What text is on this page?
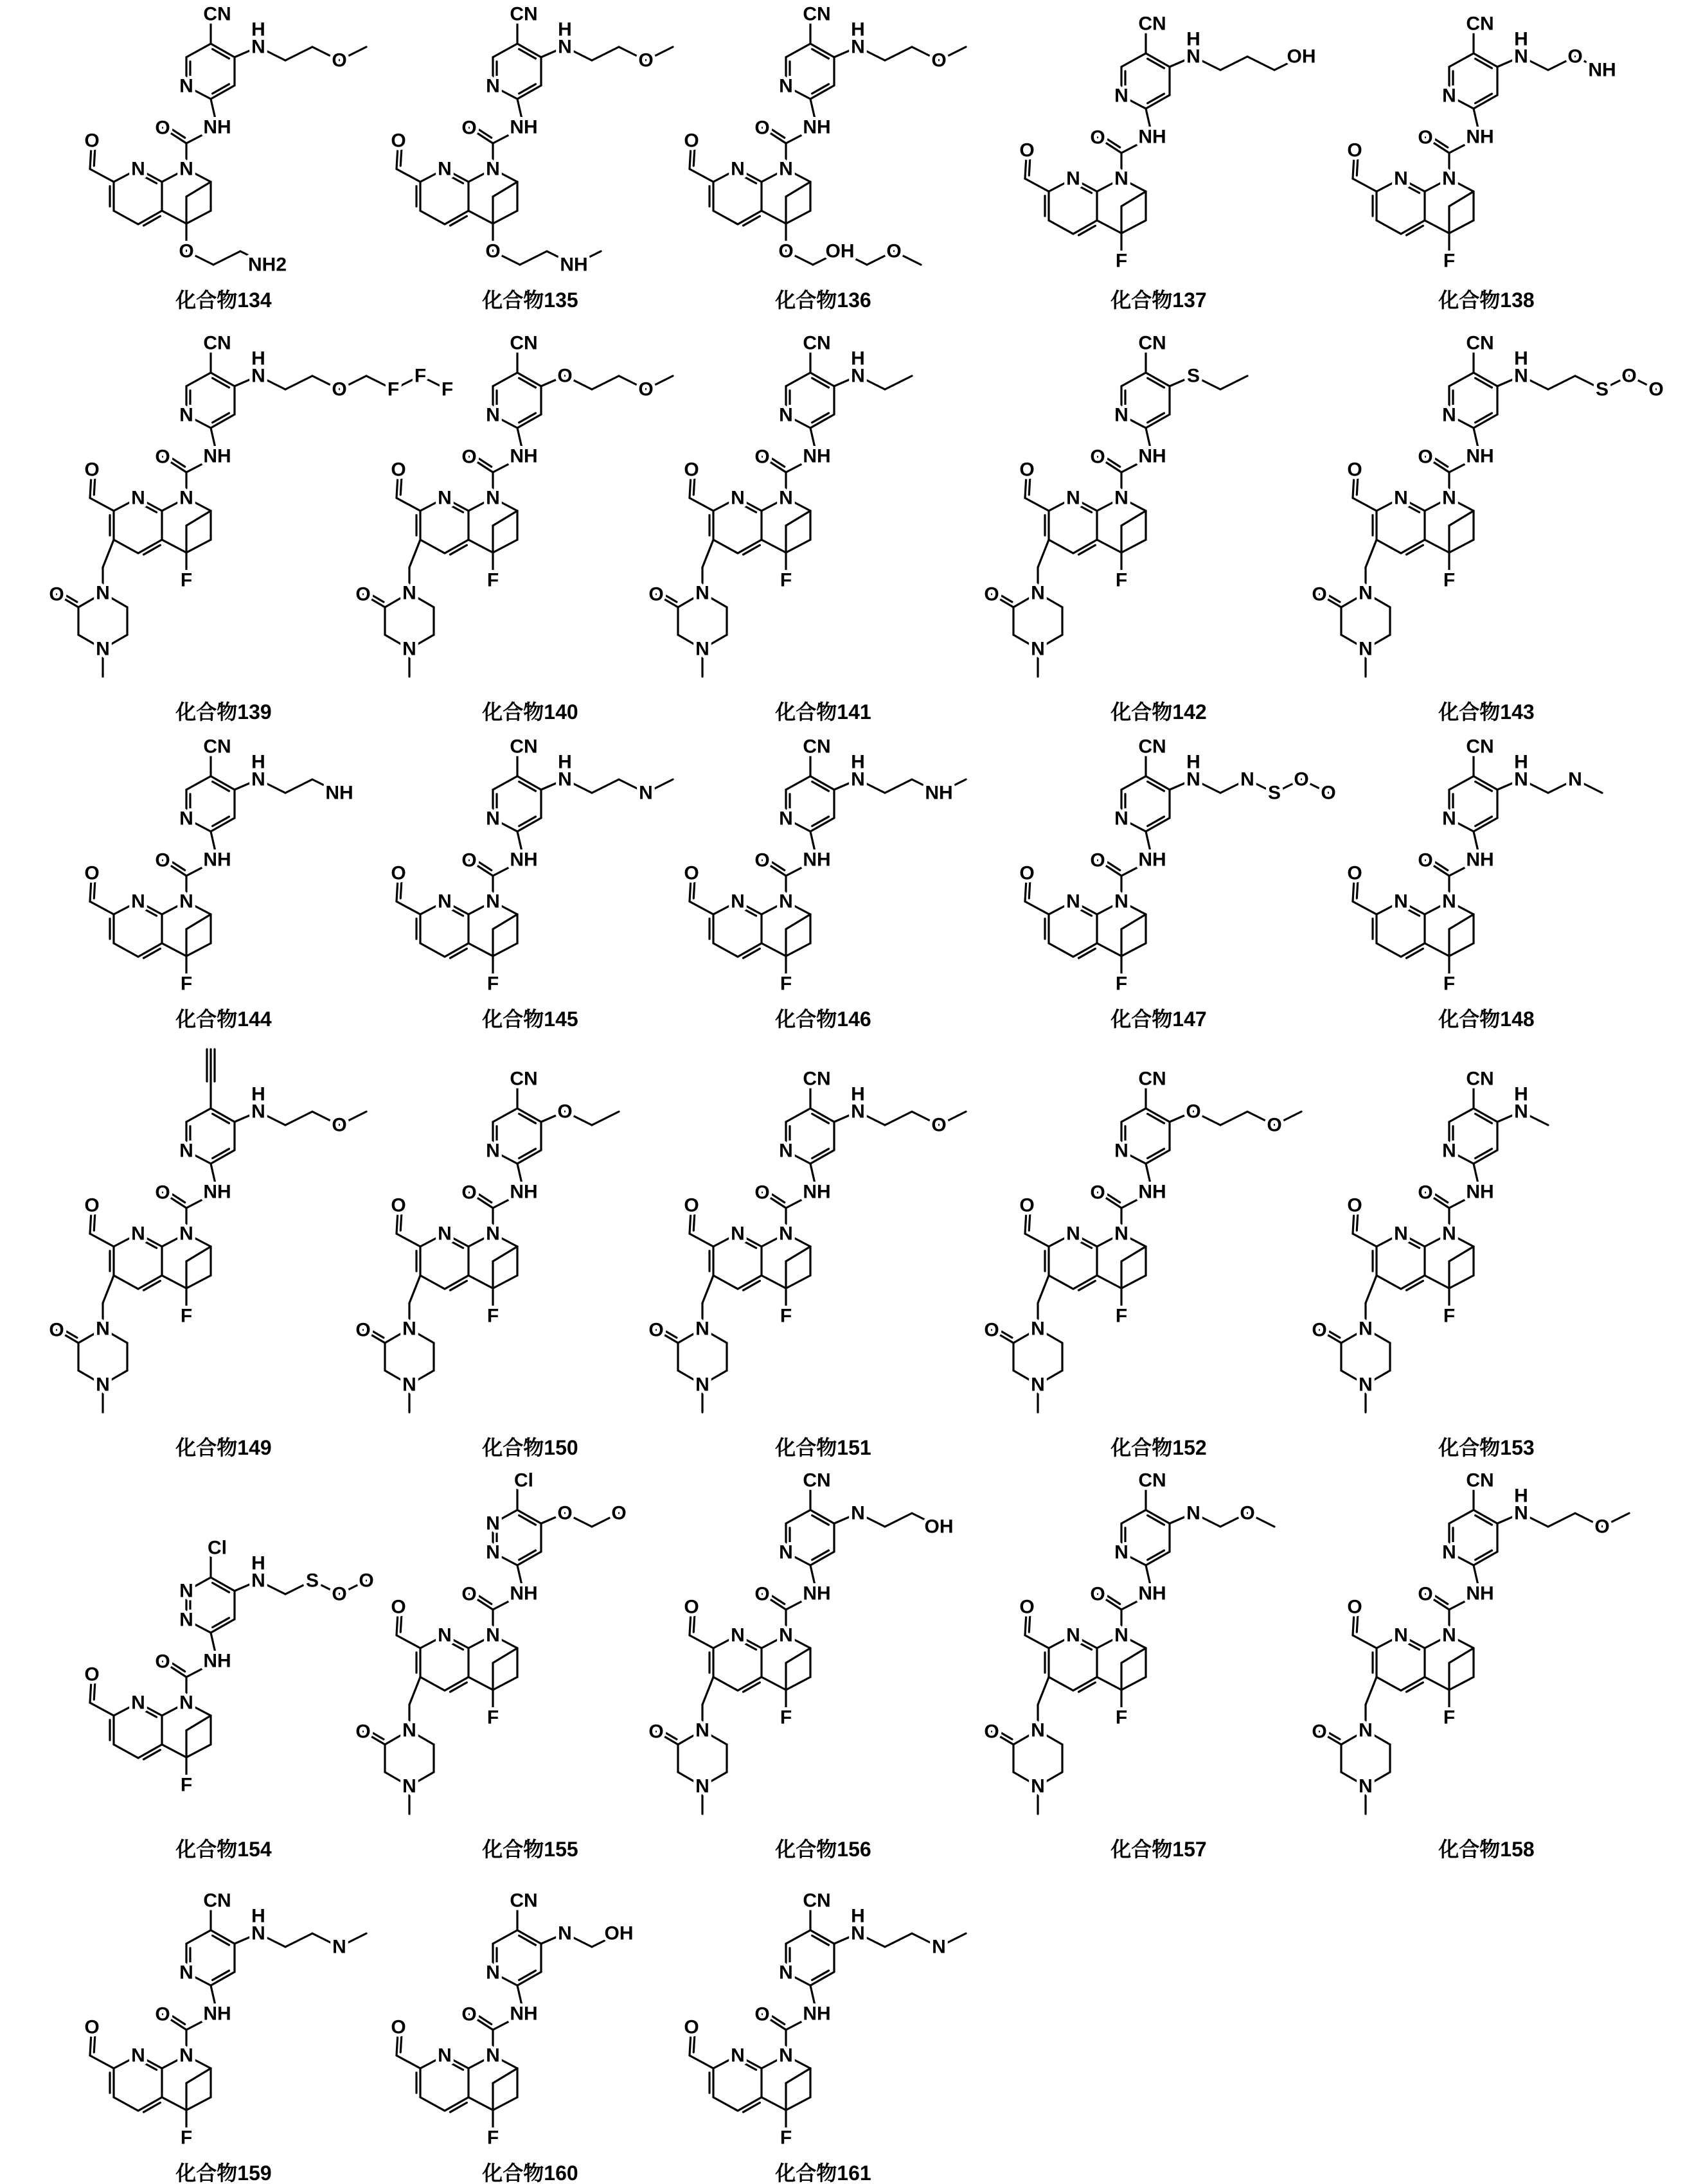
N
CN
N
H
O
NH
O
N
N
O
O
NH2
化合物134
N
CN
N
H
O
NH
O
N
N
O
O
NH
化合物135
N
CN
N
H
O
NH
O
N
N
O
O OH O
化合物136
N
CN
N
H
OH
NH
O
N
N
O
F
化合物137
N
CN
N
H
O
NH
NH
O
N
N
O
F
化合物138
N
CN
N
H
O F
F
F
NH
O
N
N
O
F
N
O
N
化合物139
N
CN
O
O
NH
O
N
N
O
F
N
O
N
化合物140
N
CN
N
H
NH
O
N
N
O
F
N
O
N
化合物141
N
CN
S
NH
O
N
N
O
F
N
O
N
化合物142
N
CN
N
H
S
O
O
NH
O
N
N
O
F
N
O
N
化合物143
N
CN
N
H
NH
NH
O
N
N
O
F
化合物144
N
CN
N
H
N
NH
O
N
N
O
F
化合物145
N
CN
N
H
NH
NH
O
N
N
O
F
化合物146
N
CN
N
H
N
S
O
O
NH
O
N
N
O
F
化合物147
N
CN
N
H
N
NH
O
N
N
O
F
化合物148
N
N
H
O
NH
O
N
N
O
F
N
O
N
化合物149
N
CN
O
NH
O
N
N
O
F
N
O
N
化合物150
N
CN
N
H
O
NH
O
N
N
O
F
N
O
N
化合物151
N
CN
O
O
NH
O
N
N
O
F
N
O
N
化合物152
N
CN
N
H
NH
O
N
N
O
F
N
O
N
化合物153
N
N
Cl
N
H
S
O
O
NH
O
N
N
O
F
化合物154
N
N
Cl
O O
NH
O
N
N
O
F
N
O
N
化合物155
N
CN
N
OH
NH
O
N
N
O
F
N
O
N
化合物156
N
CN
N O
NH
O
N
N
O
F
N
O
N
化合物157
N
CN
N
H
O
NH
O
N
N
O
F
N
O
N
化合物158
N
CN
N
H
N
NH
O
N
N
O
F
化合物159
N
CN
N OH
NH
O
N
N
O
F
化合物160
N
CN
N
H
N
NH
O
N
N
O
F
化合物161
